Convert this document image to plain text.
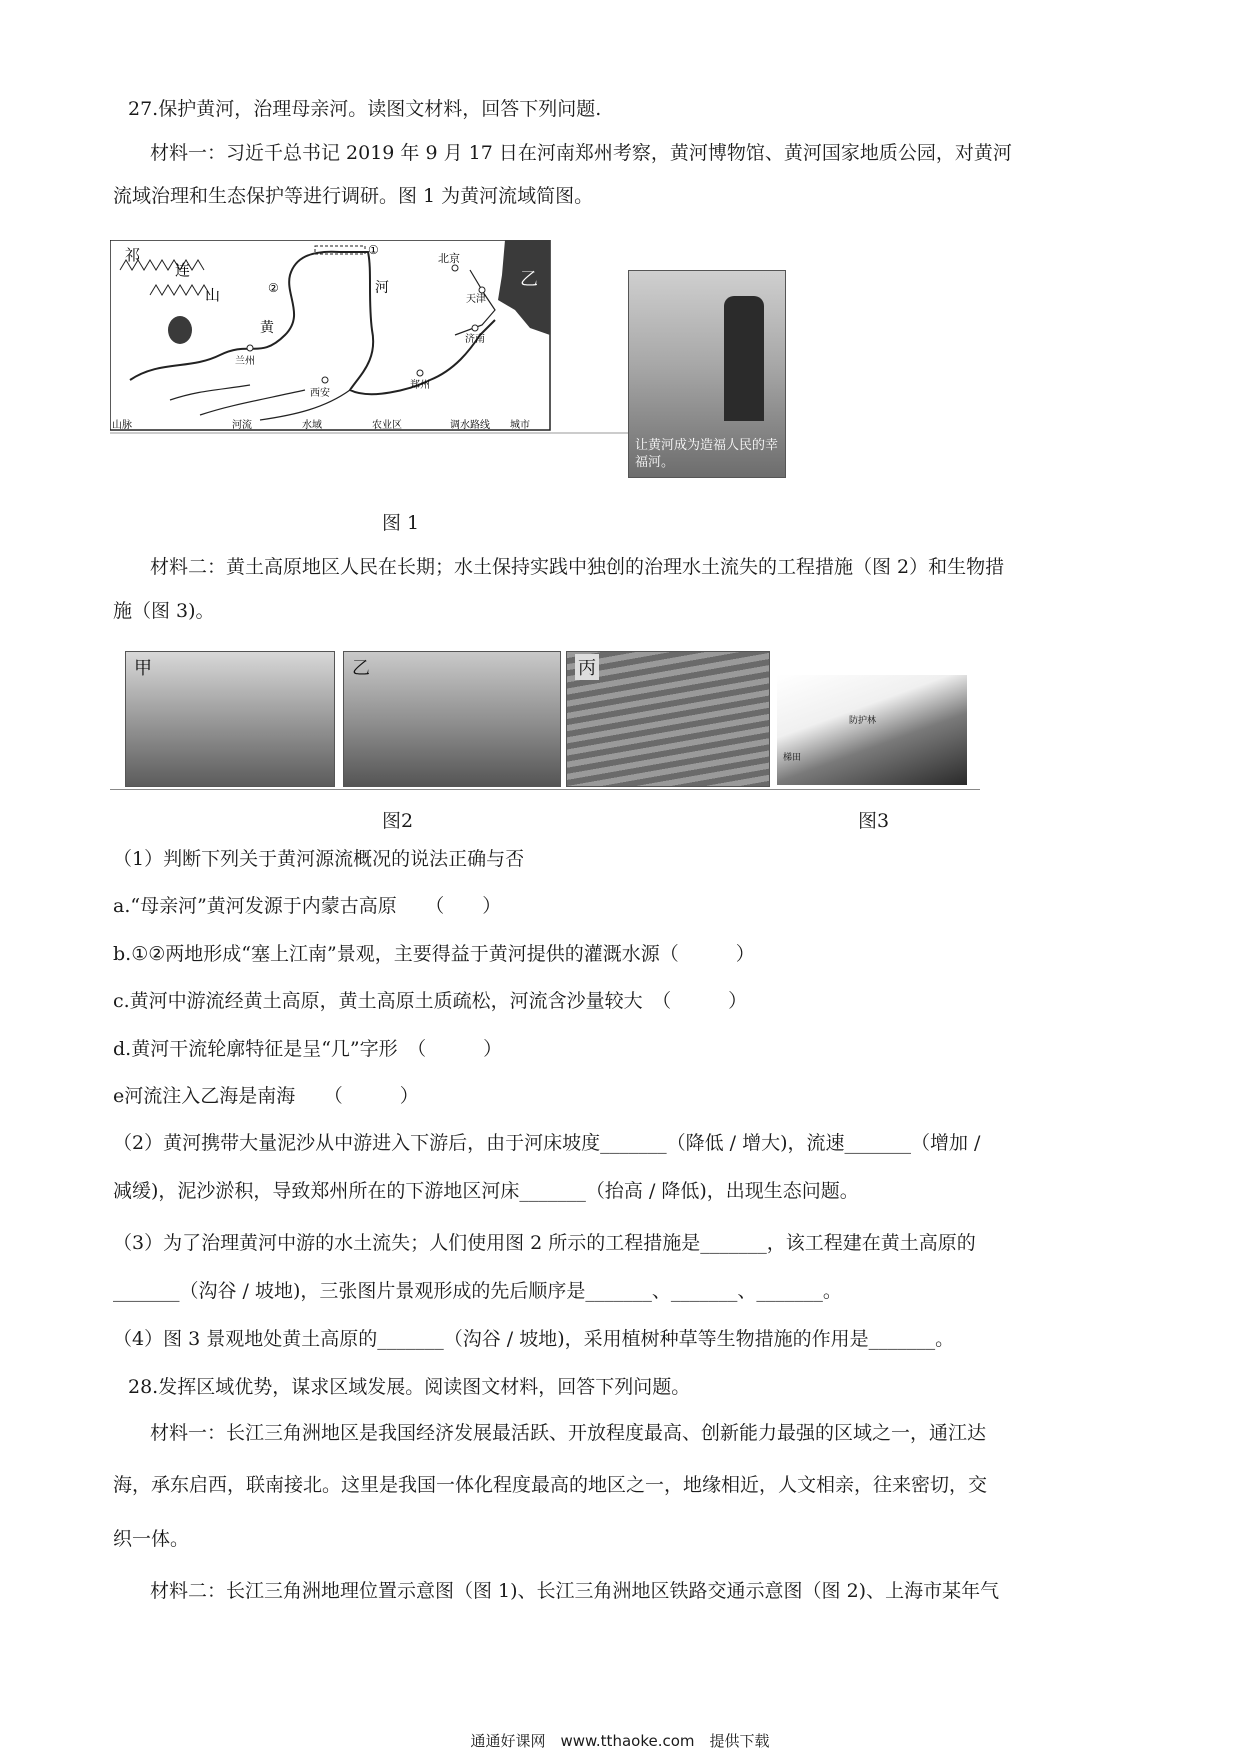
27.保护黄河，治理母亲河。读图文材料，回答下列问题.
材料一：习近千总书记 2019 年 9 月 17 日在河南郑州考察，黄河博物馆、黄河国家地质公园，对黄河
流域治理和生态保护等进行调研。图 1 为黄河流域简图。
祁
连
山
北京
天津
济南
郑州
西安
兰州
黄
河	乙
①
②
山脉	河流	水域	农业区	调水路线 城市
让黄河成为造福人民的幸福河。
图 1
材料二：黄土高原地区人民在长期；水土保持实践中独创的治理水土流失的工程措施（图 2）和生物措
施（图 3)。
甲	乙	丙
防护林
梯田
图2	图3
（1）判断下列关于黄河源流概况的说法正确与否
a.“母亲河”黄河发源于内蒙古高原　　（　　）
b.①②两地形成“塞上江南”景观，主要得益于黄河提供的灌溉水源（　　　）
c.黄河中游流经黄土高原，黄土高原土质疏松，河流含沙量较大　（　　　）
d.黄河干流轮廓特征是呈“几”字形　（　　　）
e河流注入乙海是南海　　（　　　）
（2）黄河携带大量泥沙从中游进入下游后，由于河床坡度_______（降低 / 增大)，流速_______（增加 /
减缓)，泥沙淤积，导致郑州所在的下游地区河床_______（抬高 / 降低)，出现生态问题。
（3）为了治理黄河中游的水土流失；人们使用图 2 所示的工程措施是_______，该工程建在黄土高原的
_______（沟谷 / 坡地)，三张图片景观形成的先后顺序是_______、_______、_______。
（4）图 3 景观地处黄土高原的_______（沟谷 / 坡地)，采用植树种草等生物措施的作用是_______。
28.发挥区域优势，谋求区域发展。阅读图文材料，回答下列问题。
材料一：长江三角洲地区是我国经济发展最活跃、开放程度最高、创新能力最强的区域之一，通江达
海，承东启西，联南接北。这里是我国一体化程度最高的地区之一，地缘相近，人文相亲，往来密切，交
织一体。
材料二：长江三角洲地理位置示意图（图 1)、长江三角洲地区铁路交通示意图（图 2)、上海市某年气
通通好课网　www.tthaoke.com　提供下载
